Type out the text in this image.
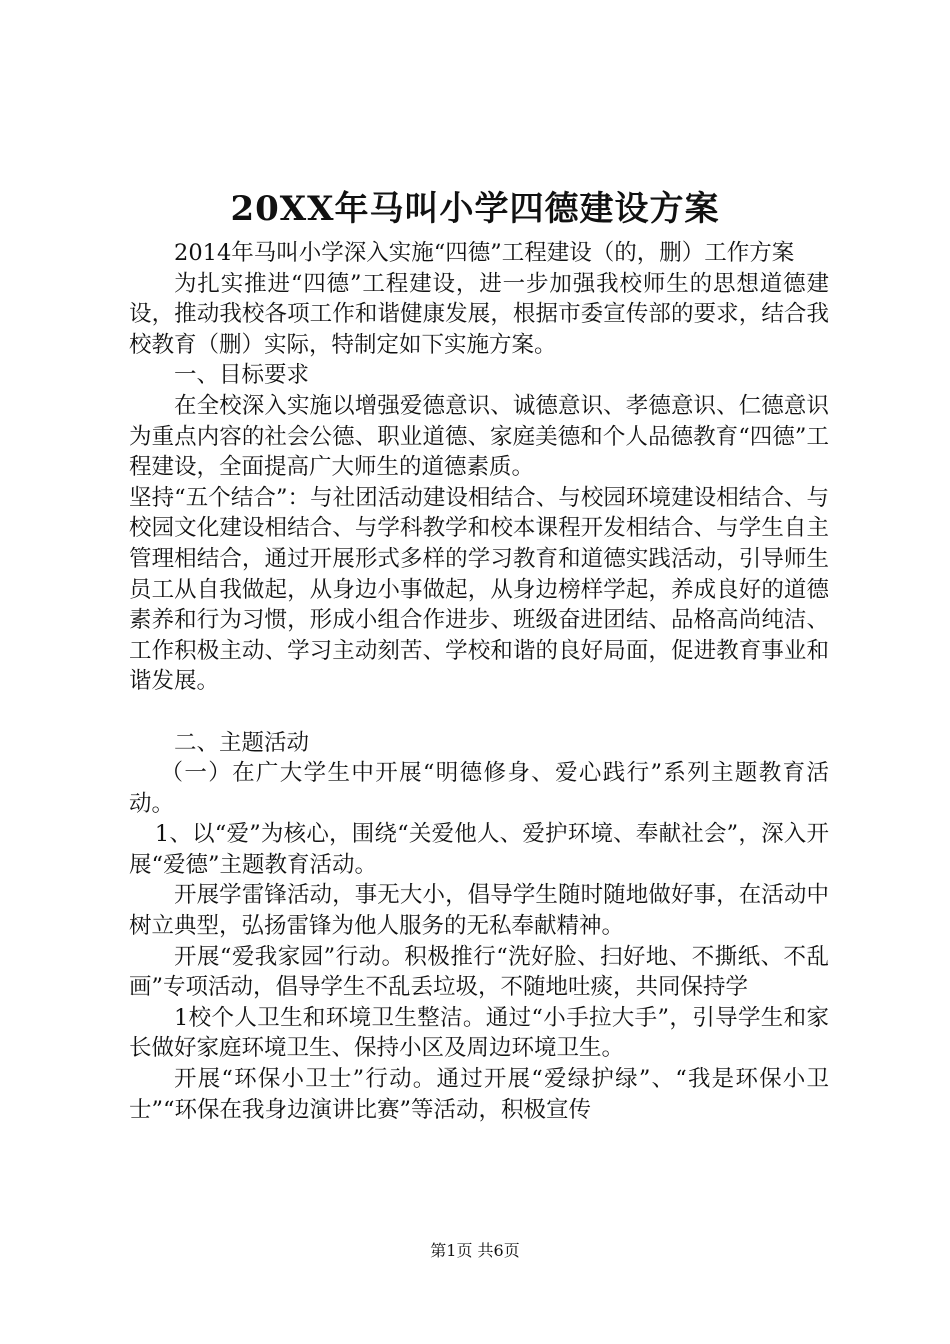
20XX年马叫小学四德建设方案

2014年马叫小学深入实施“四德”工程建设（的，删）工作方案

为扎实推进“四德”工程建设，进一步加强我校师生的思想道德建设，推动我校各项工作和谐健康发展，根据市委宣传部的要求，结合我校教育（删）实际，特制定如下实施方案。

一、目标要求

在全校深入实施以增强爱德意识、诚德意识、孝德意识、仁德意识为重点内容的社会公德、职业道德、家庭美德和个人品德教育“四德”工程建设，全面提高广大师生的道德素质。

坚持“五个结合”：与社团活动建设相结合、与校园环境建设相结合、与校园文化建设相结合、与学科教学和校本课程开发相结合、与学生自主管理相结合，通过开展形式多样的学习教育和道德实践活动，引导师生员工从自我做起，从身边小事做起，从身边榜样学起，养成良好的道德素养和行为习惯，形成小组合作进步、班级奋进团结、品格高尚纯洁、工作积极主动、学习主动刻苦、学校和谐的良好局面，促进教育事业和谐发展。

二、主题活动

（一）在广大学生中开展“明德修身、爱心践行”系列主题教育活动。

1、以“爱”为核心，围绕“关爱他人、爱护环境、奉献社会”，深入开展“爱德”主题教育活动。

开展学雷锋活动，事无大小，倡导学生随时随地做好事，在活动中树立典型，弘扬雷锋为他人服务的无私奉献精神。

开展“爱我家园”行动。积极推行“洗好脸、扫好地、不撕纸、不乱画”专项活动，倡导学生不乱丢垃圾，不随地吐痰，共同保持学

1校个人卫生和环境卫生整洁。通过“小手拉大手”，引导学生和家长做好家庭环境卫生、保持小区及周边环境卫生。

开展“环保小卫士”行动。通过开展“爱绿护绿”、“我是环保小卫士”“环保在我身边演讲比赛”等活动，积极宣传

第1页 共6页
